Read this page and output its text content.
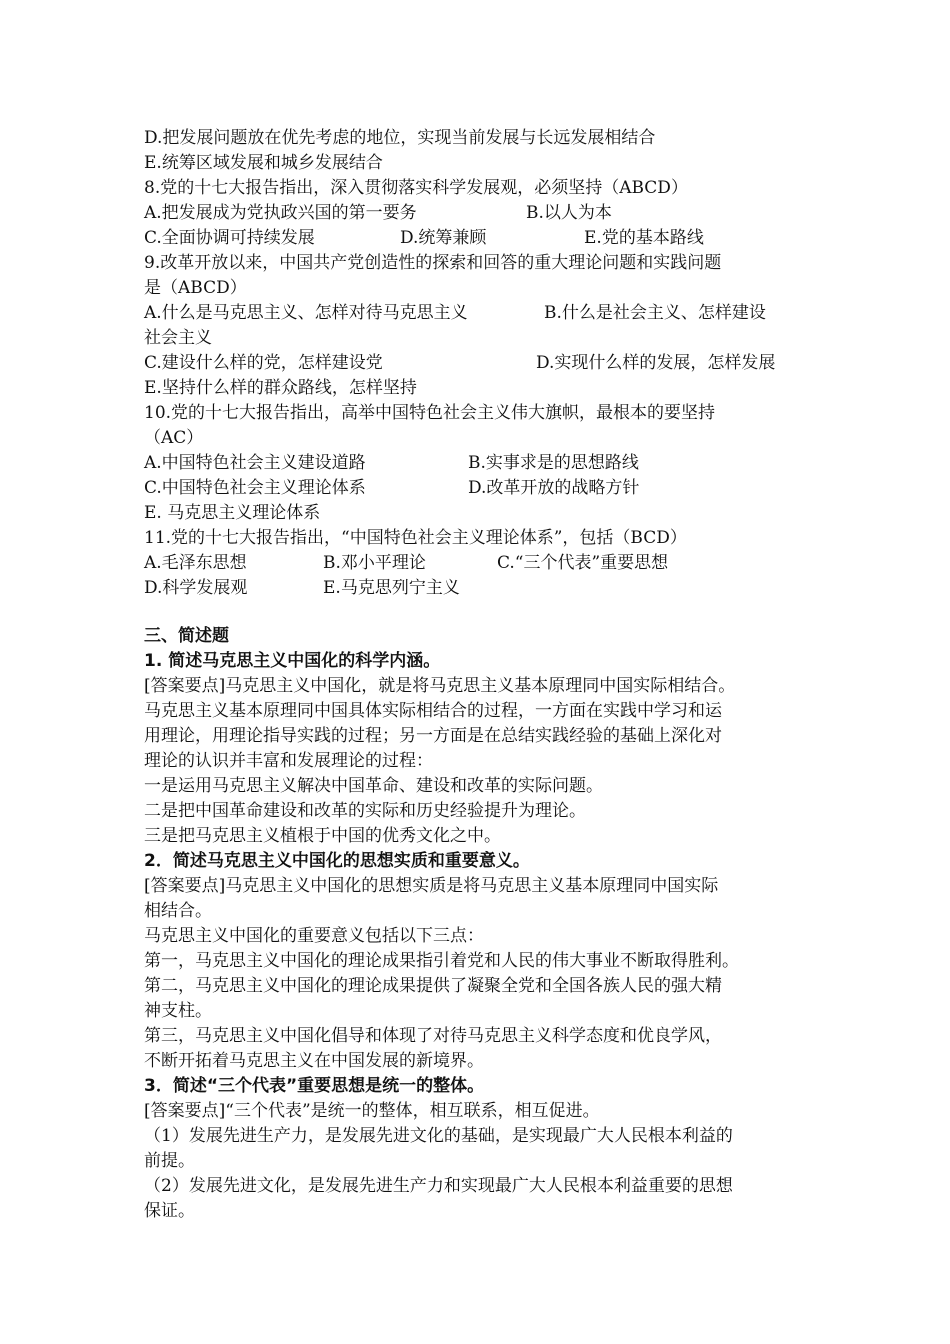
D.把发展问题放在优先考虑的地位，实现当前发展与长远发展相结合
E.统筹区域发展和城乡发展结合
8.党的十七大报告指出，深入贯彻落实科学发展观，必须坚持（ABCD）
A.把发展成为党执政兴国的第一要务	B.以人为本
C.全面协调可持续发展	D.统筹兼顾	E.党的基本路线
9.改革开放以来，中国共产党创造性的探索和回答的重大理论问题和实践问题
是（ABCD）
A.什么是马克思主义、怎样对待马克思主义	B.什么是社会主义、怎样建设
社会主义
C.建设什么样的党，怎样建设党	D.实现什么样的发展，怎样发展
E.坚持什么样的群众路线，怎样坚持
10.党的十七大报告指出，高举中国特色社会主义伟大旗帜，最根本的要坚持
（AC）
A.中国特色社会主义建设道路	B.实事求是的思想路线
C.中国特色社会主义理论体系	D.改革开放的战略方针
E. 马克思主义理论体系
11.党的十七大报告指出，“中国特色社会主义理论体系”，包括（BCD）
A.毛泽东思想	B.邓小平理论	C.“三个代表”重要思想
D.科学发展观	E.马克思列宁主义
三、简述题
1. 简述马克思主义中国化的科学内涵。
[答案要点]马克思主义中国化，就是将马克思主义基本原理同中国实际相结合。
马克思主义基本原理同中国具体实际相结合的过程，一方面在实践中学习和运
用理论，用理论指导实践的过程；另一方面是在总结实践经验的基础上深化对
理论的认识并丰富和发展理论的过程：
一是运用马克思主义解决中国革命、建设和改革的实际问题。
二是把中国革命建设和改革的实际和历史经验提升为理论。
三是把马克思主义植根于中国的优秀文化之中。
2．简述马克思主义中国化的思想实质和重要意义。
[答案要点]马克思主义中国化的思想实质是将马克思主义基本原理同中国实际
相结合。
马克思主义中国化的重要意义包括以下三点：
第一，马克思主义中国化的理论成果指引着党和人民的伟大事业不断取得胜利。
第二，马克思主义中国化的理论成果提供了凝聚全党和全国各族人民的强大精
神支柱。
第三，马克思主义中国化倡导和体现了对待马克思主义科学态度和优良学风，
不断开拓着马克思主义在中国发展的新境界。
3．简述“三个代表”重要思想是统一的整体。
[答案要点]“三个代表”是统一的整体，相互联系，相互促进。
（1）发展先进生产力，是发展先进文化的基础，是实现最广大人民根本利益的
前提。
（2）发展先进文化，是发展先进生产力和实现最广大人民根本利益重要的思想
保证。
